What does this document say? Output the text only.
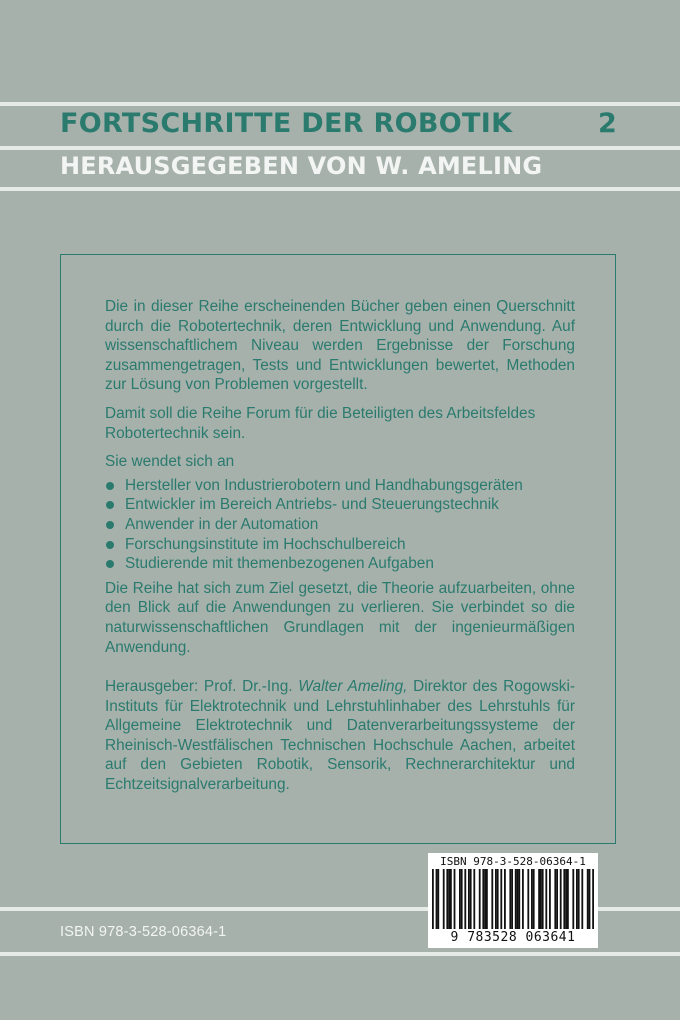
FORTSCHRITTE DER ROBOTIK	2
HERAUSGEGEBEN VON W. AMELING

Die in dieser Reihe erscheinenden Bücher geben einen Querschnitt durch die Robotertechnik, deren Entwicklung und Anwendung. Auf wissenschaftlichem Niveau werden Ergebnisse der Forschung zusammengetragen, Tests und Entwicklungen bewertet, Methoden zur Lösung von Problemen vorgestellt.

Damit soll die Reihe Forum für die Beteiligten des Arbeitsfeldes Robotertechnik sein.

Sie wendet sich an

Hersteller von Industrierobotern und Handhabungsgeräten
Entwickler im Bereich Antriebs- und Steuerungstechnik
Anwender in der Automation
Forschungsinstitute im Hochschulbereich
Studierende mit themenbezogenen Aufgaben

Die Reihe hat sich zum Ziel gesetzt, die Theorie aufzuarbeiten, ohne den Blick auf die Anwendungen zu verlieren. Sie verbindet so die naturwissenschaftlichen Grundlagen mit der ingenieurmäßigen Anwendung.

Herausgeber: Prof. Dr.-Ing. Walter Ameling, Direktor des Rogowski-Instituts für Elektrotechnik und Lehrstuhlinhaber des Lehrstuhls für Allgemeine Elektrotechnik und Datenverarbeitungssysteme der Rheinisch-Westfälischen Technischen Hochschule Aachen, arbeitet auf den Gebieten Robotik, Sensorik, Rechnerarchitektur und Echtzeitsignalverarbeitung.

ISBN 978-3-528-06364-1
ISBN 978-3-528-06364-1
9 783528 063641
